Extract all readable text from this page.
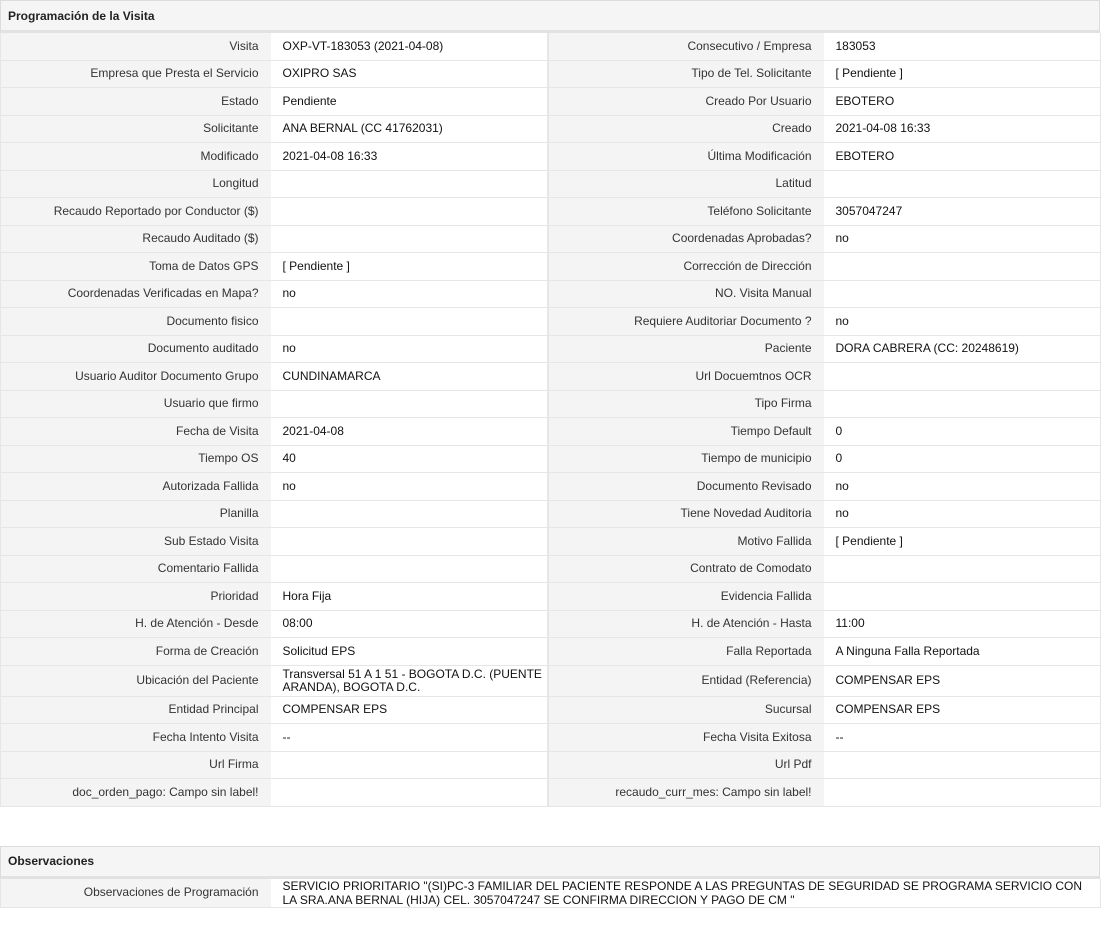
Programación de la Visita
Visita	OXP-VT-183053 (2021-04-08)	Consecutivo / Empresa	183053
Empresa que Presta el Servicio	OXIPRO SAS	Tipo de Tel. Solicitante	[ Pendiente ]
Estado	Pendiente	Creado Por Usuario	EBOTERO
Solicitante	ANA BERNAL (CC 41762031)	Creado	2021-04-08 16:33
Modificado	2021-04-08 16:33	Última Modificación	EBOTERO
Longitud		Latitud	
Recaudo Reportado por Conductor ($)		Teléfono Solicitante	3057047247
Recaudo Auditado ($)		Coordenadas Aprobadas?	no
Toma de Datos GPS	[ Pendiente ]	Corrección de Dirección	
Coordenadas Verificadas en Mapa?	no	NO. Visita Manual	
Documento fisico		Requiere Auditoriar Documento ?	no
Documento auditado	no	Paciente	DORA CABRERA (CC: 20248619)
Usuario Auditor Documento Grupo	CUNDINAMARCA	Url Docuemtnos OCR	
Usuario que firmo		Tipo Firma	
Fecha de Visita	2021-04-08	Tiempo Default	0
Tiempo OS	40	Tiempo de municipio	0
Autorizada Fallida	no	Documento Revisado	no
Planilla		Tiene Novedad Auditoria	no
Sub Estado Visita		Motivo Fallida	[ Pendiente ]
Comentario Fallida		Contrato de Comodato	
Prioridad	Hora Fija	Evidencia Fallida	
H. de Atención - Desde	08:00	H. de Atención - Hasta	11:00
Forma de Creación	Solicitud EPS	Falla Reportada	A Ninguna Falla Reportada
Ubicación del Paciente	Transversal 51 A 1 51 - BOGOTA D.C. (PUENTE ARANDA), BOGOTA D.C.	Entidad (Referencia)	COMPENSAR EPS
Entidad Principal	COMPENSAR EPS	Sucursal	COMPENSAR EPS
Fecha Intento Visita	--	Fecha Visita Exitosa	--
Url Firma		Url Pdf	
doc_orden_pago: Campo sin label!		recaudo_curr_mes: Campo sin label!	
Observaciones
Observaciones de Programación	SERVICIO PRIORITARIO "(SI)PC-3 FAMILIAR DEL PACIENTE RESPONDE A LAS PREGUNTAS DE SEGURIDAD SE PROGRAMA SERVICIO CON LA SRA.ANA BERNAL (HIJA) CEL. 3057047247 SE CONFIRMA DIRECCION Y PAGO DE CM "
